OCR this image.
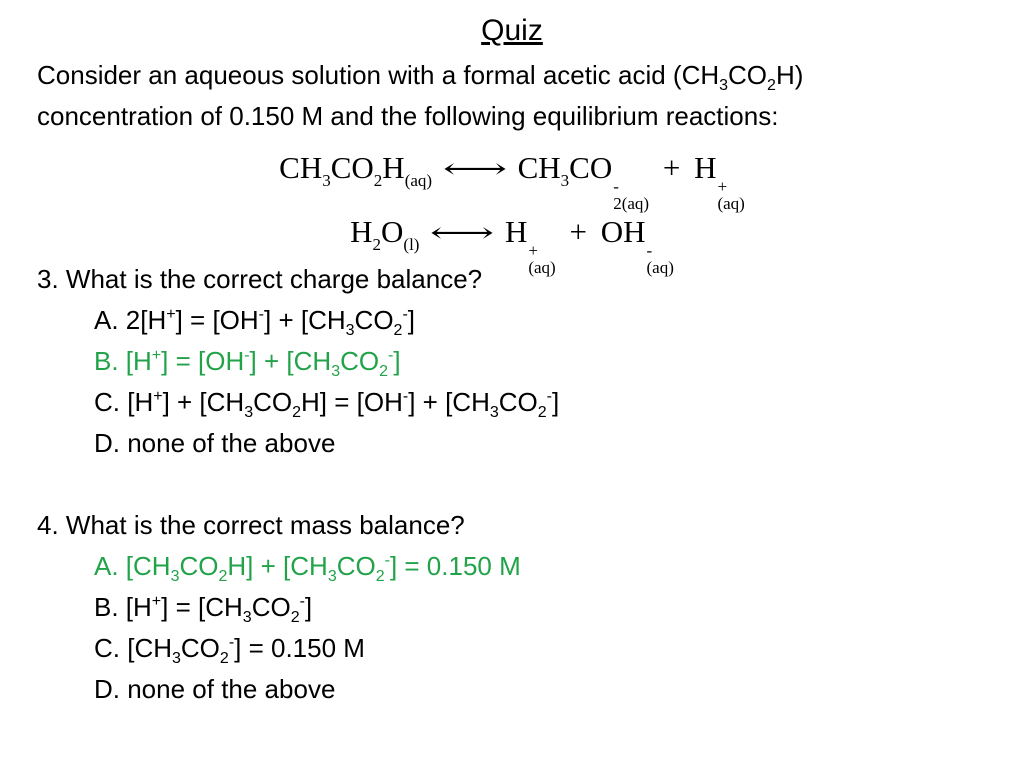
Quiz
Consider an aqueous solution with a formal acetic acid $(CH_3CO_2H)$
concentration of 0.150 M and the following equilibrium reactions:
$CH_3CO_2H_{(aq)}$ ⟷ $CH_3CO$
-
2(aq)
+ H
+
(aq)
$H_2O_{(l)}$ ⟷ H
+
(aq)
+ OH
-
(aq)
3. What is the correct charge balance?
A. $2[H^+] = [OH^-] + [CH_3CO_2^-]$
B. $[H^+] = [OH^-] + [CH_3CO_2^-]$
C. $[H^+] + [CH_3CO_2H] = [OH^-] + [CH_3CO_2^-]$
D. none of the above
4. What is the correct mass balance?
A. $[CH_3CO_2H] + [CH_3CO_2^-] = 0.150$ M
B. $[H^+] = [CH_3CO_2^-]$
C. $[CH_3CO_2^-] = 0.150$ M
D. none of the above
